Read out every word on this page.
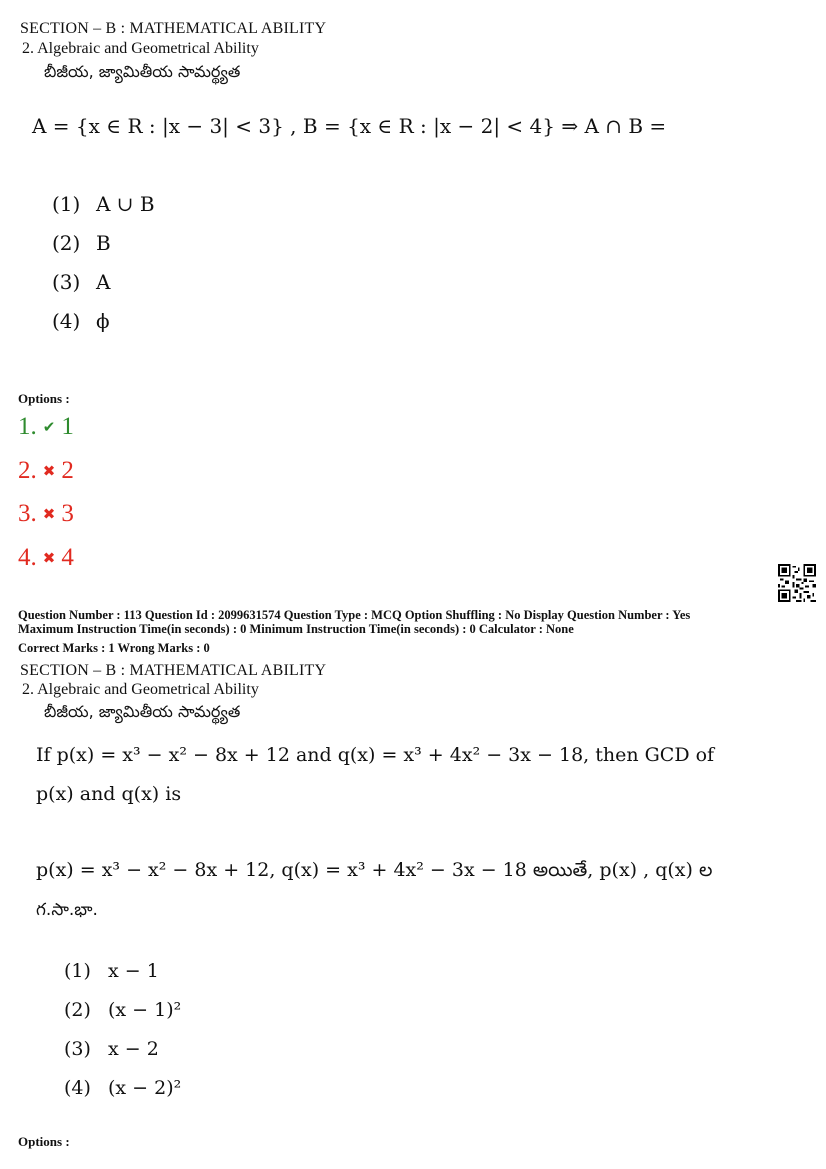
SECTION – B : MATHEMATICAL ABILITY
2. Algebraic and Geometrical Ability
బీజీయ, జ్యామితీయ సామర్థ్యత
A = {x ∈ R : |x − 3| < 3} , B = {x ∈ R : |x − 2| < 4} ⇒ A ∩ B =
(1) A ∪ B
(2) B
(3) A
(4) ϕ
Options :
1. ✔ 1
2. ✖ 2
3. ✖ 3
4. ✖ 4
Question Number : 113 Question Id : 2099631574 Question Type : MCQ Option Shuffling : No Display Question Number : Yes
Maximum Instruction Time(in seconds) : 0 Minimum Instruction Time(in seconds) : 0 Calculator : None
Correct Marks : 1 Wrong Marks : 0
SECTION – B : MATHEMATICAL ABILITY
2. Algebraic and Geometrical Ability
బీజీయ, జ్యామితీయ సామర్థ్యత
If p(x) = x³ − x² − 8x + 12 and q(x) = x³ + 4x² − 3x − 18, then GCD of
p(x) and q(x) is
p(x) = x³ − x² − 8x + 12, q(x) = x³ + 4x² − 3x − 18 అయితే, p(x) , q(x) ల
గ.సా.భా.
(1) x − 1
(2) (x − 1)²
(3) x − 2
(4) (x − 2)²
Options :
